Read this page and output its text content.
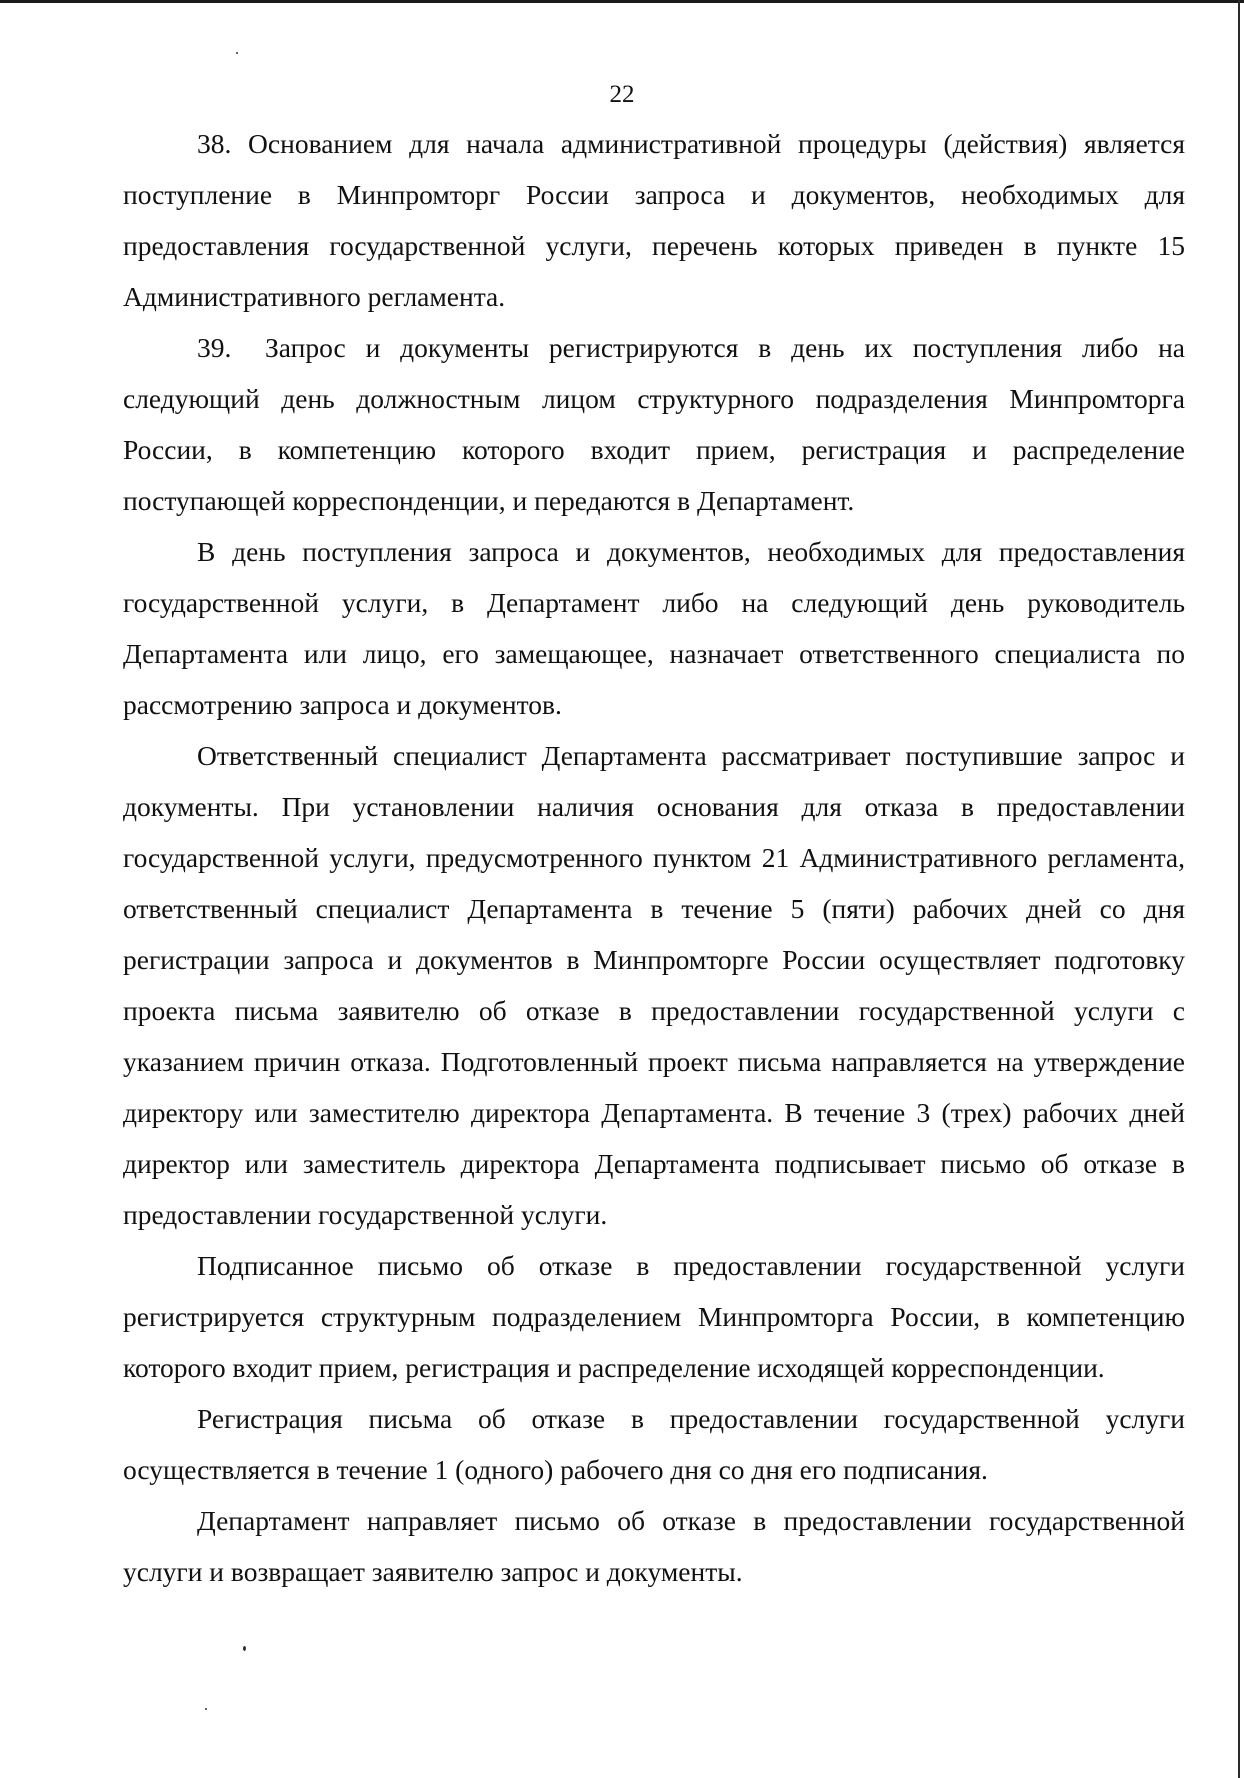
22

38. Основанием для начала административной процедуры (действия) является поступление в Минпромторг России запроса и документов, необходимых для предоставления государственной услуги, перечень которых приведен в пункте 15 Административного регламента.

39. Запрос и документы регистрируются в день их поступления либо на следующий день должностным лицом структурного подразделения Минпромторга России, в компетенцию которого входит прием, регистрация и распределение поступающей корреспонденции, и передаются в Департамент.

В день поступления запроса и документов, необходимых для предоставления государственной услуги, в Департамент либо на следующий день руководитель Департамента или лицо, его замещающее, назначает ответственного специалиста по рассмотрению запроса и документов.

Ответственный специалист Департамента рассматривает поступившие запрос и документы. При установлении наличия основания для отказа в предоставлении государственной услуги, предусмотренного пунктом 21 Административного регламента, ответственный специалист Департамента в течение 5 (пяти) рабочих дней со дня регистрации запроса и документов в Минпромторге России осуществляет подготовку проекта письма заявителю об отказе в предоставлении государственной услуги с указанием причин отказа. Подготовленный проект письма направляется на утверждение директору или заместителю директора Департамента. В течение 3 (трех) рабочих дней директор или заместитель директора Департамента подписывает письмо об отказе в предоставлении государственной услуги.

Подписанное письмо об отказе в предоставлении государственной услуги регистрируется структурным подразделением Минпромторга России, в компетенцию которого входит прием, регистрация и распределение исходящей корреспонденции.

Регистрация письма об отказе в предоставлении государственной услуги осуществляется в течение 1 (одного) рабочего дня со дня его подписания.

Департамент направляет письмо об отказе в предоставлении государственной услуги и возвращает заявителю запрос и документы.
